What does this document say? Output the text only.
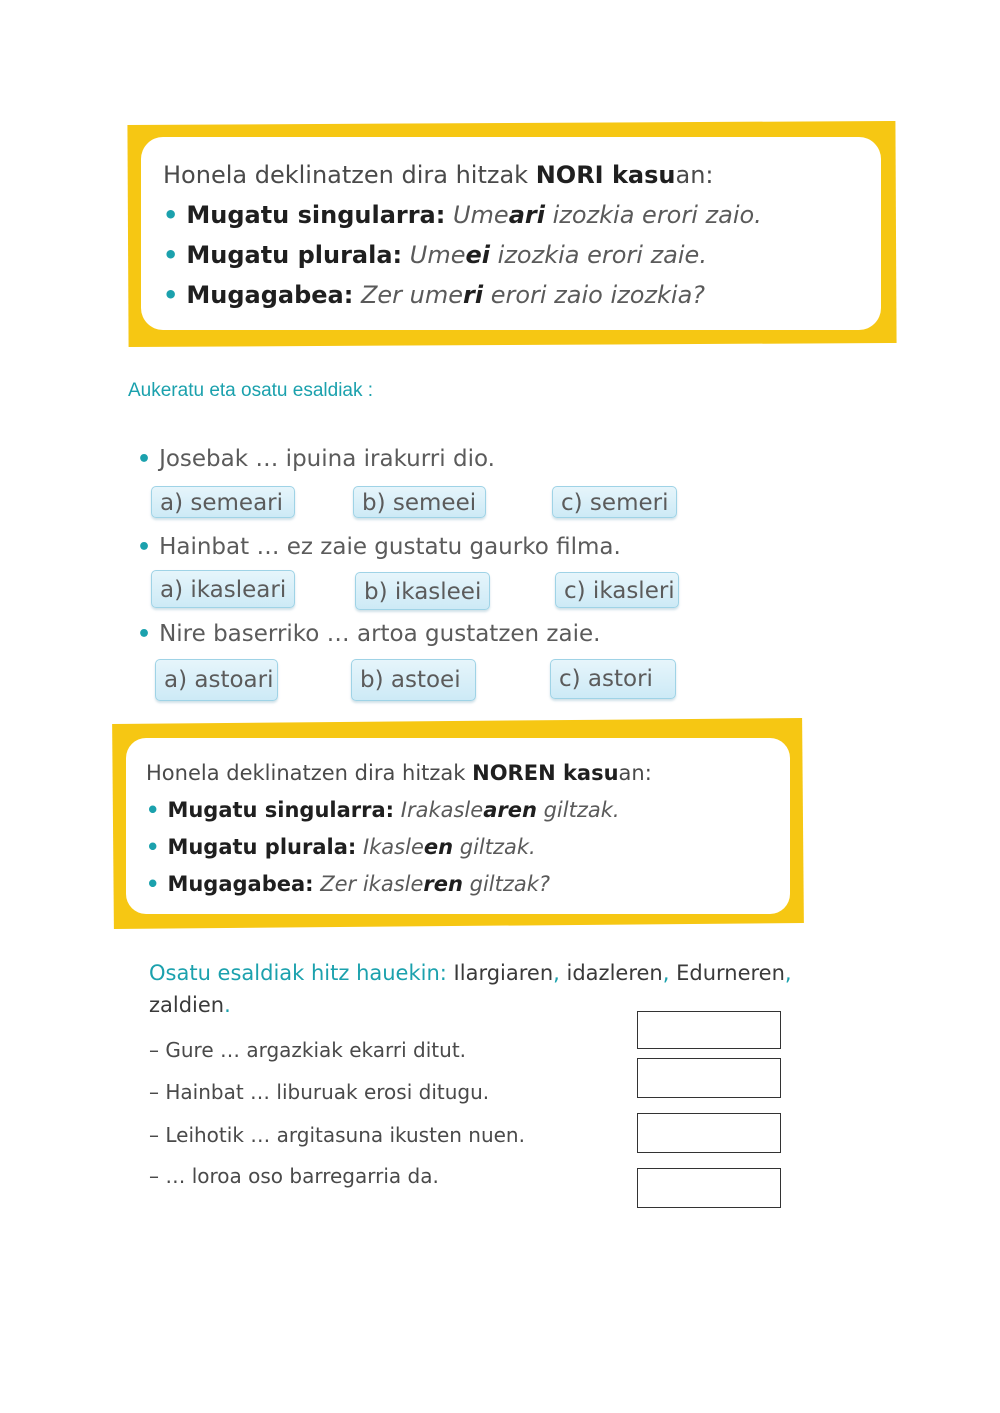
Honela deklinatzen dira hitzak NORI kasuan:
• Mugatu singularra: Umeari izozkia erori zaio.
• Mugatu plurala: Umeei izozkia erori zaie.
• Mugagabea: Zer umeri erori zaio izozkia?
Aukeratu eta osatu esaldiak :
• Josebak … ipuina irakurri dio.
a) semeari	b) semeei	c) semeri
• Hainbat … ez zaie gustatu gaurko filma.
a) ikasleari	b) ikasleei	c) ikasleri
• Nire baserriko … artoa gustatzen zaie.
a) astoari	b) astoei	c) astori
Honela deklinatzen dira hitzak NOREN kasuan:
• Mugatu singularra: Irakaslearen giltzak.
• Mugatu plurala: Ikasleen giltzak.
• Mugagabea: Zer ikasleren giltzak?
Osatu esaldiak hitz hauekin: Ilargiaren, idazleren, Edurneren, zaldien.
– Gure … argazkiak ekarri ditut.
– Hainbat … liburuak erosi ditugu.
– Leihotik … argitasuna ikusten nuen.
– … loroa oso barregarria da.
